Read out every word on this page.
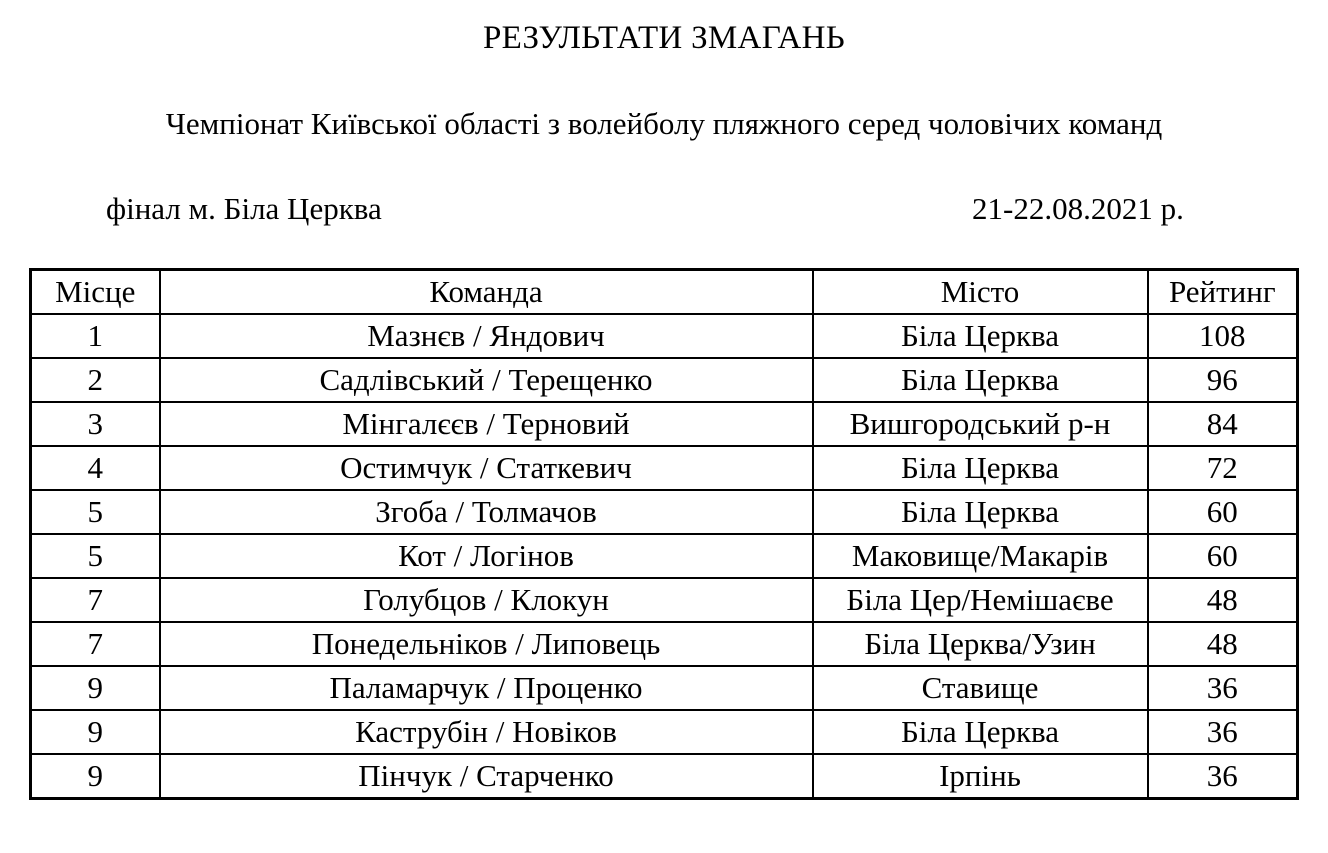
РЕЗУЛЬТАТИ ЗМАГАНЬ
Чемпіонат Київської області з волейболу пляжного серед чоловічих команд
фінал м. Біла Церква	21-22.08.2021 р.
Місце	Команда	Місто	Рейтинг
1	Мазнєв / Яндович	Біла Церква	108
2	Садлівський / Терещенко	Біла Церква	96
3	Мінгалєєв / Терновий	Вишгородський р-н	84
4	Остимчук / Статкевич	Біла Церква	72
5	Згоба / Толмачов	Біла Церква	60
5	Кот / Логінов	Маковище/Макарів	60
7	Голубцов / Клокун	Біла Цер/Немішаєве	48
7	Понедельніков / Липовець	Біла Церква/Узин	48
9	Паламарчук / Проценко	Ставище	36
9	Каструбін / Новіков	Біла Церква	36
9	Пінчук / Старченко	Ірпінь	36
